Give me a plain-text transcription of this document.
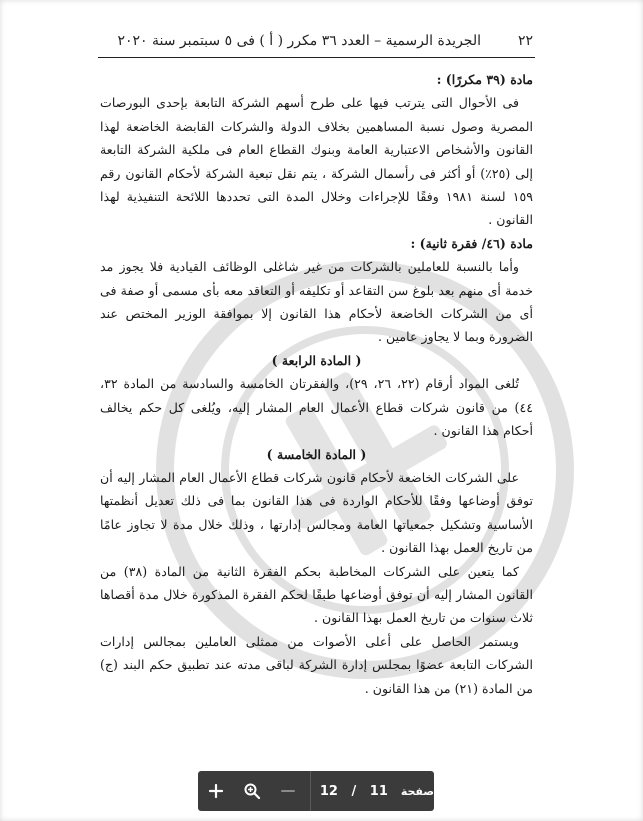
٢٢
الجريدة الرسمية – العدد ٣٦ مكرر ( أ ) فى ٥ سبتمبر سنة ٢٠٢٠

مادة (٣٩ مكررًا) :

فى الأحوال التى يترتب فيها على طرح أسهم الشركة التابعة بإحدى البورصات المصرية وصول نسبة المساهمين بخلاف الدولة والشركات القابضة الخاضعة لهذا القانون والأشخاص الاعتبارية العامة وبنوك القطاع العام فى ملكية الشركة التابعة إلى (٢٥٪) أو أكثر فى رأسمال الشركة ، يتم نقل تبعية الشركة لأحكام القانون رقم ١٥٩ لسنة ١٩٨١ وفقًا للإجراءات وخلال المدة التى تحددها اللائحة التنفيذية لهذا القانون .

مادة (٤٦/ فقرة ثانية) :

وأما بالنسبة للعاملين بالشركات من غير شاغلى الوظائف القيادية فلا يجوز مد خدمة أى منهم بعد بلوغ سن التقاعد أو تكليفه أو التعاقد معه بأى مسمى أو صفة فى أى من الشركات الخاضعة لأحكام هذا القانون إلا بموافقة الوزير المختص عند الضرورة وبما لا يجاوز عامين .

( المادة الرابعة )

تُلغى المواد أرقام (٢٢، ٢٦، ٢٩)، والفقرتان الخامسة والسادسة من المادة ٣٢، ٤٤) من قانون شركات قطاع الأعمال العام المشار إليه، ويُلغى كل حكم يخالف أحكام هذا القانون .

( المادة الخامسة )

على الشركات الخاضعة لأحكام قانون شركات قطاع الأعمال العام المشار إليه أن توفق أوضاعها وفقًا للأحكام الواردة فى هذا القانون بما فى ذلك تعديل أنظمتها الأساسية وتشكيل جمعياتها العامة ومجالس إدارتها ، وذلك خلال مدة لا تجاوز عامًا من تاريخ العمل بهذا القانون .

كما يتعين على الشركات المخاطبة بحكم الفقرة الثانية من المادة (٣٨) من القانون المشار إليه أن توفق أوضاعها طبقًا لحكم الفقرة المذكورة خلال مدة أقصاها ثلاث سنوات من تاريخ العمل بهذا القانون .

ويستمر الحاصل على أعلى الأصوات من ممثلى العاملين بمجالس إدارات الشركات التابعة عضوًا بمجلس إدارة الشركة لباقى مدته عند تطبيق حكم البند (ج) من المادة (٢١) من هذا القانون .

12	/	11	صفحة
